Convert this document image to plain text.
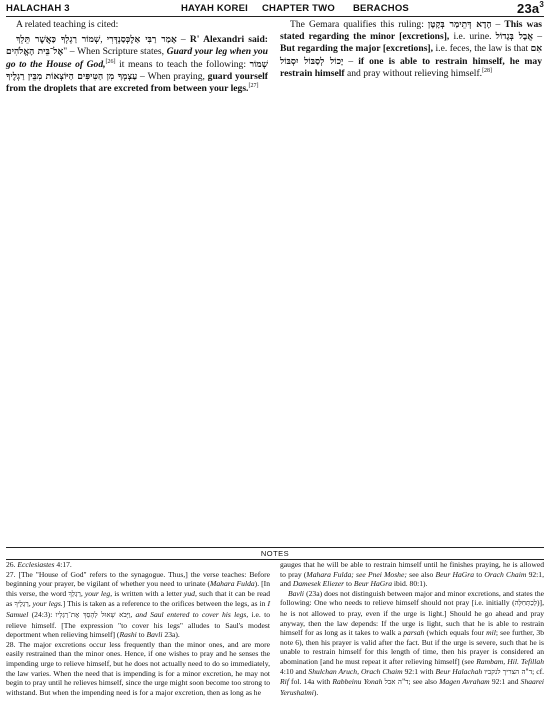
HALACHAH 3	HAYAH KOREI CHAPTER TWO BERACHOS	$23a^3$

A related teaching is cited:

שְׁמוֹר רַגְלְךָ כַּאֲשֶׁר תֵּלֵךְ, אָמַר רַבִּי אַלֶכְּסַנְדְּרִי – R' Alexandri said: אֶל־בֵּית הָאֱלֹהִים" – When Scripture states, Guard your leg when you go to the House of God,[26] it means to teach the following: שְׁמוֹר עַצְמְךָ מִן הַטִּיפִּים הַיּוֹצְאוֹת מִבֵּין רַגְלֶיךָ – When praying, guard yourself from the droplets that are excreted from between your legs.[27]

The Gemara qualifies this ruling: הָדָא דְּתֵימַר בְּקָטָן – This was stated regarding the minor [excretions], i.e. urine. אֲבָל בְּגָדוֹל – But regarding the major [excretions], i.e. feces, the law is that אִם יָכוֹל לְסַבּוֹל יִסְבּוֹל – if one is able to restrain himself, he may restrain himself and pray without relieving himself.[28]

NOTES

26. Ecclesiastes 4:17.

27. [The "House of God" refers to the synagogue. Thus,] the verse teaches: Before beginning your prayer, be vigilant of whether you need to urinate (Mahara Fulda). [In this verse, the word רַגְלְךָ, your leg, is written with a letter yud, such that it can be read as רַגְלֶיךָ, your legs.] This is taken as a reference to the orifices between the legs, as in I Samuel (24:3): וַיָּבֹא שָׁאוּל לְהָסֵךְ אֶת־רַגְלָיו, and Saul entered to cover his legs, i.e. to relieve himself. [The expression "to cover his legs" alludes to Saul's modest deportment when relieving himself] (Rashi to Bavli 23a).

28. The major excretions occur less frequently than the minor ones, and are more easily restrained than the minor ones. Hence, if one wishes to pray and he senses the impending urge to relieve himself, but he does not actually need to do so immediately, the law varies. When the need that is impending is for a minor excretion, he may not begin to pray until he relieves himself, since the urge might soon become too strong to withstand. But when the impending need is for a major excretion, then as long as he

gauges that he will be able to restrain himself until he finishes praying, he is allowed to pray (Mahara Fulda; see Pnei Moshe; see also Beur HaGra to Orach Chaim 92:1, and Damesek Eliezer to Beur HaGra ibid. 80:1).

Bavli (23a) does not distinguish between major and minor excretions, and states the following: One who needs to relieve himself should not pray [i.e. initially (לְכַתְּחִלָּה)], he is not allowed to pray, even if the urge is light.] Should he go ahead and pray anyway, then the law depends: If the urge is light, such that he is able to restrain himself for as long as it takes to walk a parsah (which equals four mil; see further, 3b note 6), then his prayer is valid after the fact. But if the urge is severe, such that he is unable to restrain himself for this length of time, then his prayer is considered an abomination [and he must repeat it after relieving himself] (see Rambam, Hil. Tefillah 4:10 and Shulchan Aruch, Orach Chaim 92:1 with Beur Halachah ד"ה הצריך לנקביו; cf. Rif fol. 14a with Rabbeinu Yonah ד"ה אבל; see also Magen Avraham 92:1 and Shaarei Yerushalmi).
